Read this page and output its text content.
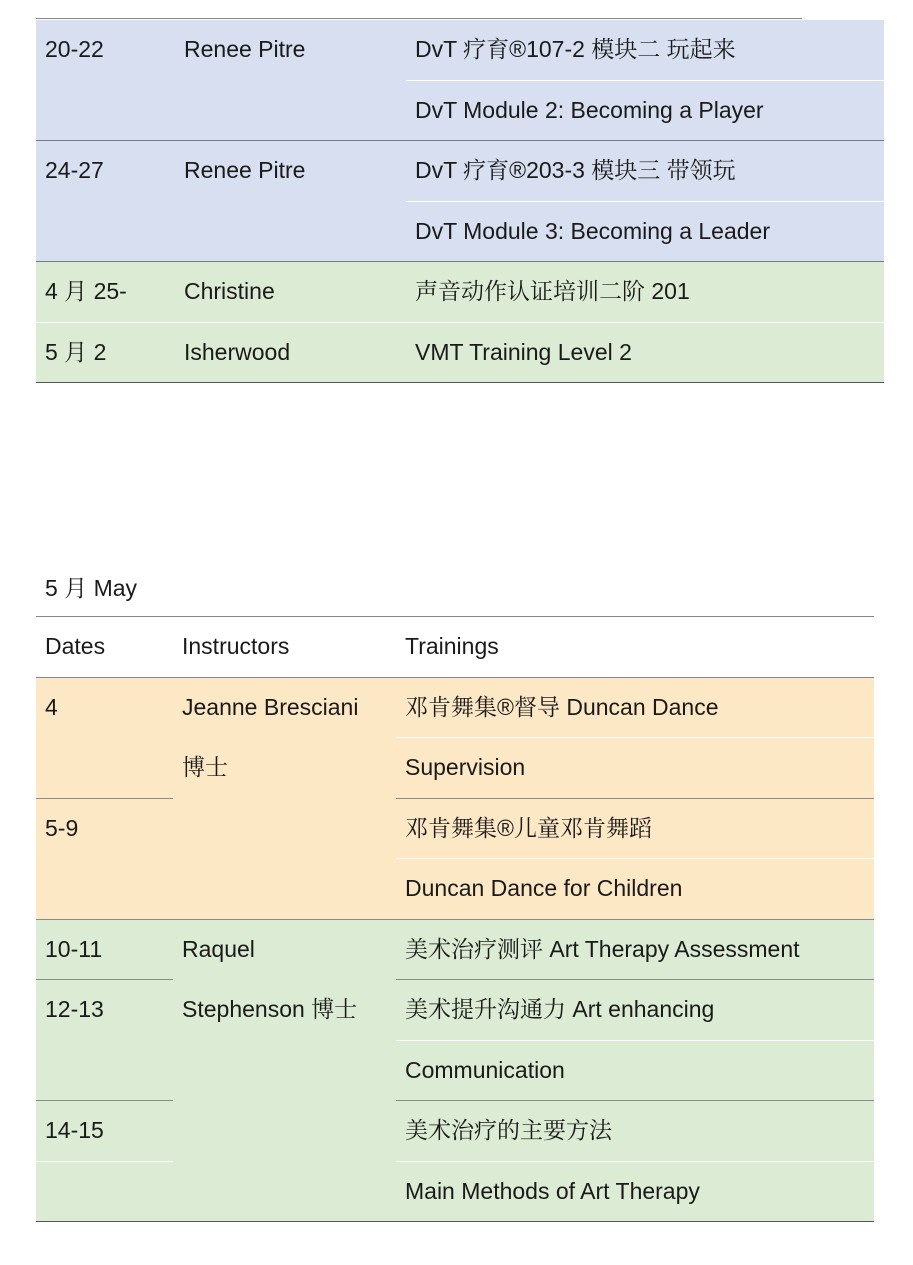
20-22	Renee Pitre	DvT 疗育®107-2 模块二 玩起来
		DvT Module 2: Becoming a Player
24-27	Renee Pitre	DvT 疗育®203-3 模块三 带领玩
		DvT Module 3: Becoming a Leader
4 月 25-	Christine	声音动作认证培训二阶 201
5 月 2	Isherwood	VMT Training Level 2
5 月 May
Dates	Instructors	Trainings
4	Jeanne Bresciani	邓肯舞集®督导 Duncan Dance
	博士	Supervision
5-9		邓肯舞集®儿童邓肯舞蹈
		Duncan Dance for Children
10-11	Raquel	美术治疗测评 Art Therapy Assessment
12-13	Stephenson 博士	美术提升沟通力 Art enhancing
		Communication
14-15		美术治疗的主要方法
		Main Methods of Art Therapy
